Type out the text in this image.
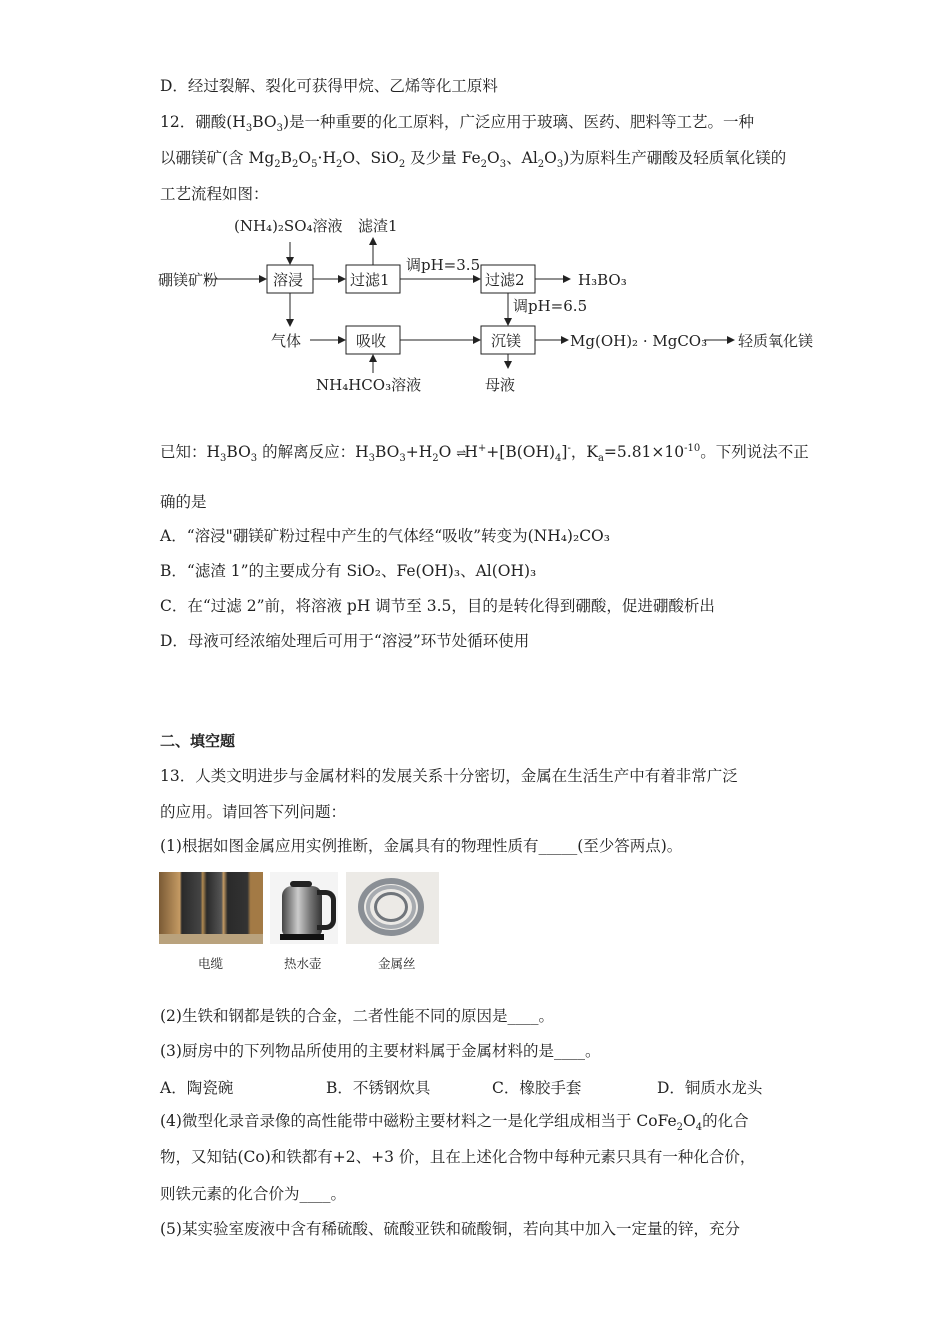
D．经过裂解、裂化可获得甲烷、乙烯等化工原料
12．硼酸$(H_3BO_3)$是一种重要的化工原料，广泛应用于玻璃、医药、肥料等工艺。一种
以硼镁矿(含 $Mg_2B_2O_5\cdot H_2O$、SiO$_2$ 及少量 $Fe_2O_3$、$Al_2O_3$)为原料生产硼酸及轻质氧化镁的
工艺流程如图：
硼镁矿粉	溶浸	过滤1	过滤2
吸收	沉镁
(NH₄)₂SO₄溶液 滤渣1
调pH=3.5
H₃BO₃
调pH=6.5
气体
NH₄HCO₃溶液	母液
Mg(OH)₂ · MgCO₃ 轻质氧化镁
已知：$H_3BO_3$ 的解离反应：$H_3BO_3+H_2O$ $\rightleftharpoons H^++[B(OH)_4]^-$，$K_a=5.81\times 10^{-10}$。下列说法不正
确的是
A．“溶浸"硼镁矿粉过程中产生的气体经“吸收”转变为(NH₄)₂CO₃
B．“滤渣 1”的主要成分有 SiO₂、Fe(OH)₃、Al(OH)₃
C．在“过滤 2”前，将溶液 pH 调节至 3.5，目的是转化得到硼酸，促进硼酸析出
D．母液可经浓缩处理后可用于“溶浸”环节处循环使用
二、填空题
13．人类文明进步与金属材料的发展关系十分密切，金属在生活生产中有着非常广泛
的应用。请回答下列问题：
(1)根据如图金属应用实例推断，金属具有的物理性质有_____(至少答两点)。
电缆	热水壶	金属丝
(2)生铁和钢都是铁的合金，二者性能不同的原因是____。
(3)厨房中的下列物品所使用的主要材料属于金属材料的是____。
A．陶瓷碗	B．不锈钢炊具	C．橡胶手套	D．铜质水龙头
(4)微型化录音录像的高性能带中磁粉主要材料之一是化学组成相当于 $CoFe_2O_4$的化合
物，又知钴(Co)和铁都有+2、+3 价，且在上述化合物中每种元素只具有一种化合价，
则铁元素的化合价为____。
(5)某实验室废液中含有稀硫酸、硫酸亚铁和硫酸铜，若向其中加入一定量的锌，充分
